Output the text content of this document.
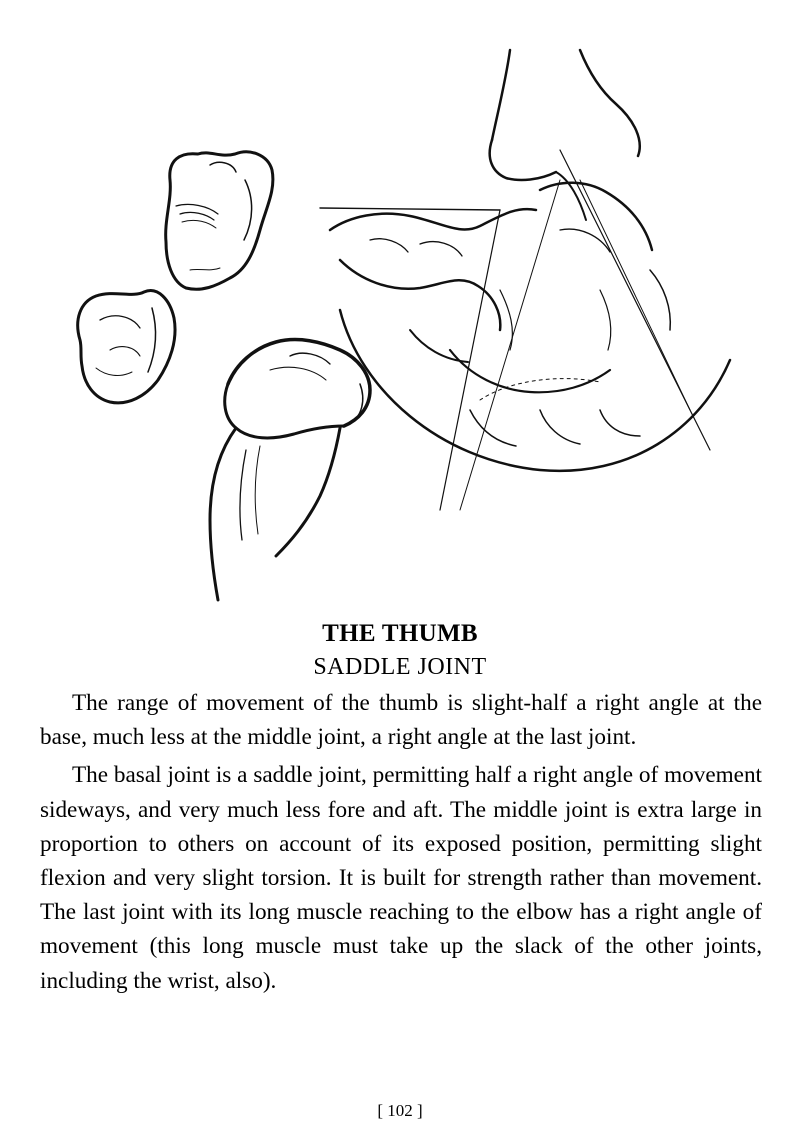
THE THUMB
SADDLE JOINT

The range of movement of the thumb is slight-half a right angle at the base, much less at the middle joint, a right angle at the last joint.

The basal joint is a saddle joint, permitting half a right angle of movement sideways, and very much less fore and aft. The middle joint is extra large in proportion to others on account of its exposed position, permitting slight flexion and very slight torsion. It is built for strength rather than movement. The last joint with its long muscle reaching to the elbow has a right angle of movement (this long muscle must take up the slack of the other joints, including the wrist, also).

[ 102 ]
